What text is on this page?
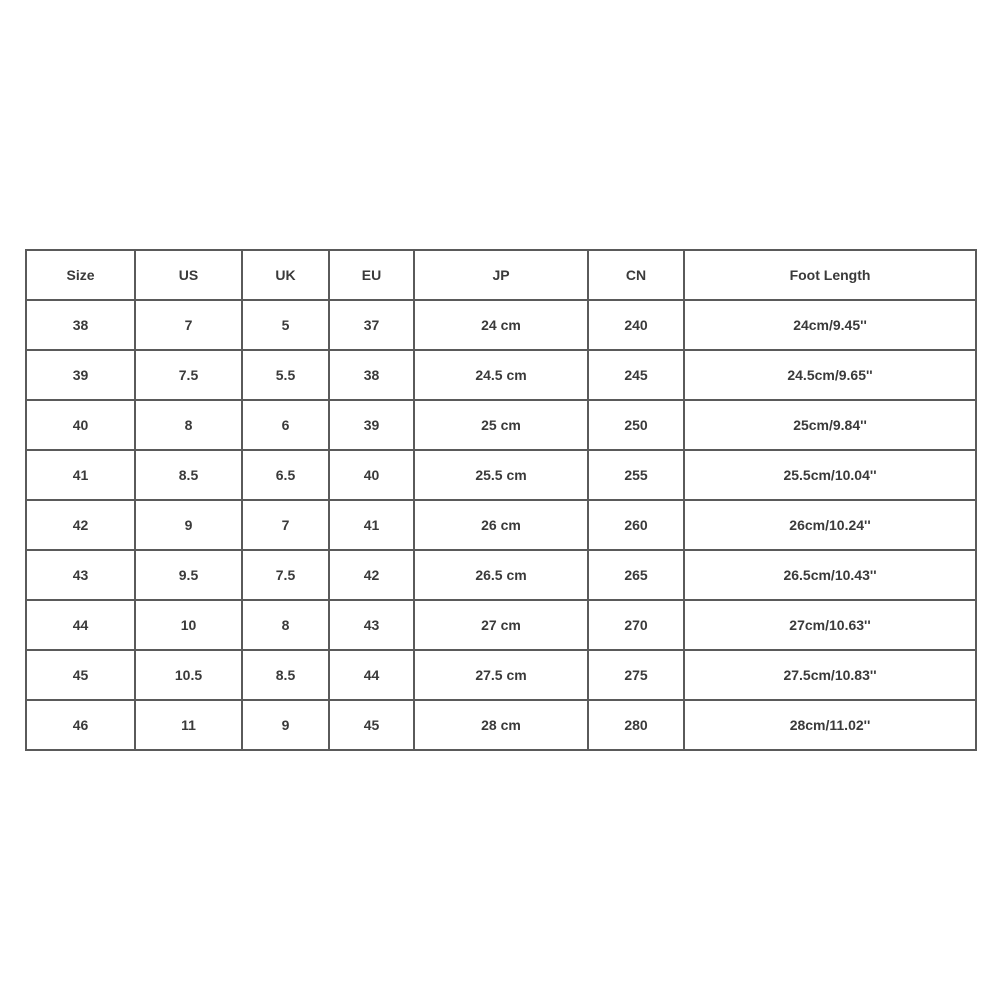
Size	US	UK	EU	JP	CN	Foot Length
38	7	5	37	24 cm	240	24cm/9.45''
39	7.5	5.5	38	24.5 cm	245	24.5cm/9.65''
40	8	6	39	25 cm	250	25cm/9.84''
41	8.5	6.5	40	25.5 cm	255	25.5cm/10.04''
42	9	7	41	26 cm	260	26cm/10.24''
43	9.5	7.5	42	26.5 cm	265	26.5cm/10.43''
44	10	8	43	27 cm	270	27cm/10.63''
45	10.5	8.5	44	27.5 cm	275	27.5cm/10.83''
46	11	9	45	28 cm	280	28cm/11.02''
